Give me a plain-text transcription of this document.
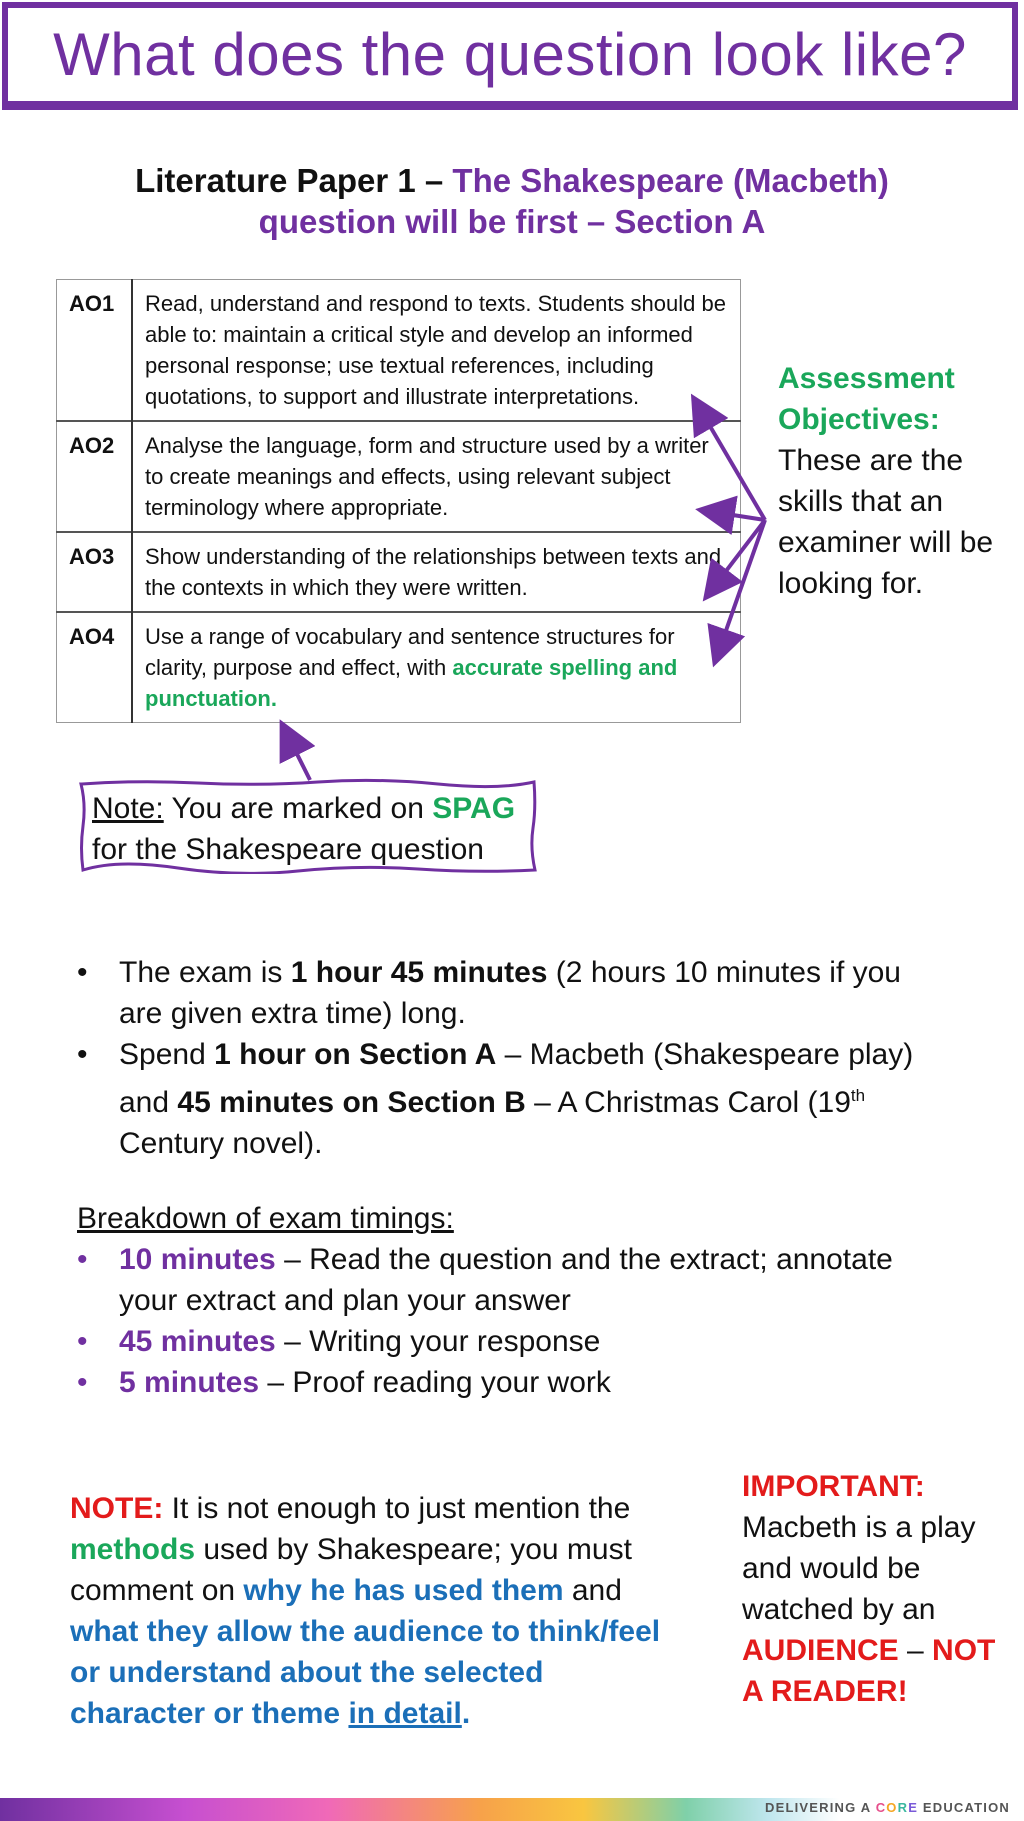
What does the question look like?
Literature Paper 1 – The Shakespeare (Macbeth)
question will be first – Section A
AO1	Read, understand and respond to texts. Students should be able to: maintain a critical style and develop an informed personal response; use textual references, including quotations, to support and illustrate interpretations.
AO2	Analyse the language, form and structure used by a writer to create meanings and effects, using relevant subject terminology where appropriate.
AO3	Show understanding of the relationships between texts and the contexts in which they were written.
AO4	Use a range of vocabulary and sentence structures for clarity, purpose and effect, with accurate spelling and punctuation.
Assessment Objectives:
These are the skills that an examiner will be looking for.
Note: You are marked on SPAG
for the Shakespeare question
• The exam is 1 hour 45 minutes (2 hours 10 minutes if you are given extra time) long.
• Spend 1 hour on Section A – Macbeth (Shakespeare play) and 45 minutes on Section B – A Christmas Carol (19th Century novel).
Breakdown of exam timings:
• 10 minutes – Read the question and the extract; annotate your extract and plan your answer
• 45 minutes – Writing your response
• 5 minutes – Proof reading your work
NOTE: It is not enough to just mention the methods used by Shakespeare; you must comment on why he has used them and what they allow the audience to think/feel or understand about the selected character or theme in detail.
IMPORTANT: Macbeth is a play and would be watched by an AUDIENCE – NOT A READER!
DELIVERING A CORE EDUCATION
